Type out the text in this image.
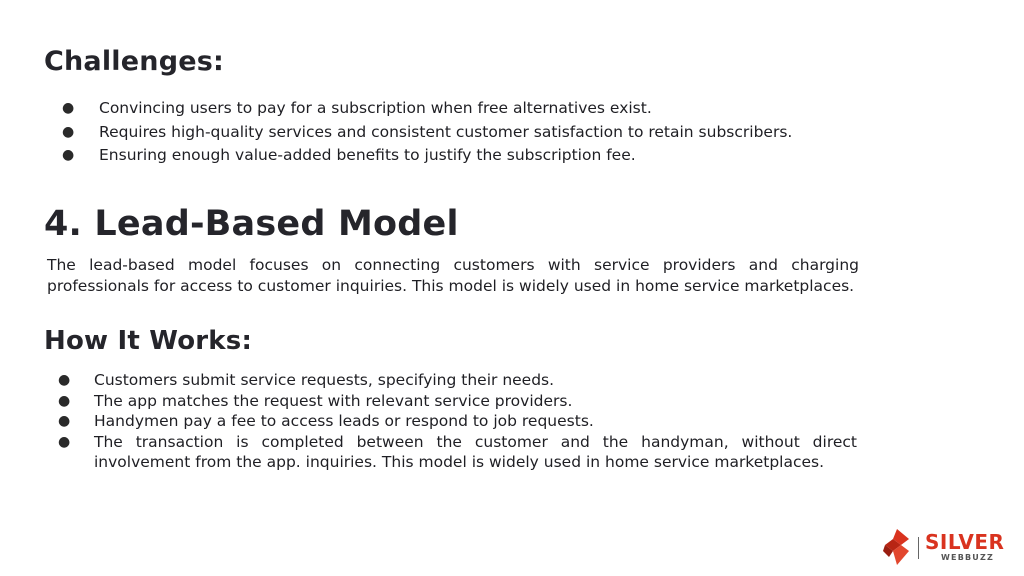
Challenges:
● Convincing users to pay for a subscription when free alternatives exist.
● Requires high-quality services and consistent customer satisfaction to retain subscribers.
● Ensuring enough value-added benefits to justify the subscription fee.
4. Lead-Based Model

The lead-based model focuses on connecting customers with service providers and charging professionals for access to customer inquiries. This model is widely used in home service marketplaces.

How It Works:
● Customers submit service requests, specifying their needs.
● The app matches the request with relevant service providers.
● Handymen pay a fee to access leads or respond to job requests.
● The transaction is completed between the customer and the handyman, without direct involvement from the app. inquiries. This model is widely used in home service marketplaces.
SILVER
WEBBUZZ
